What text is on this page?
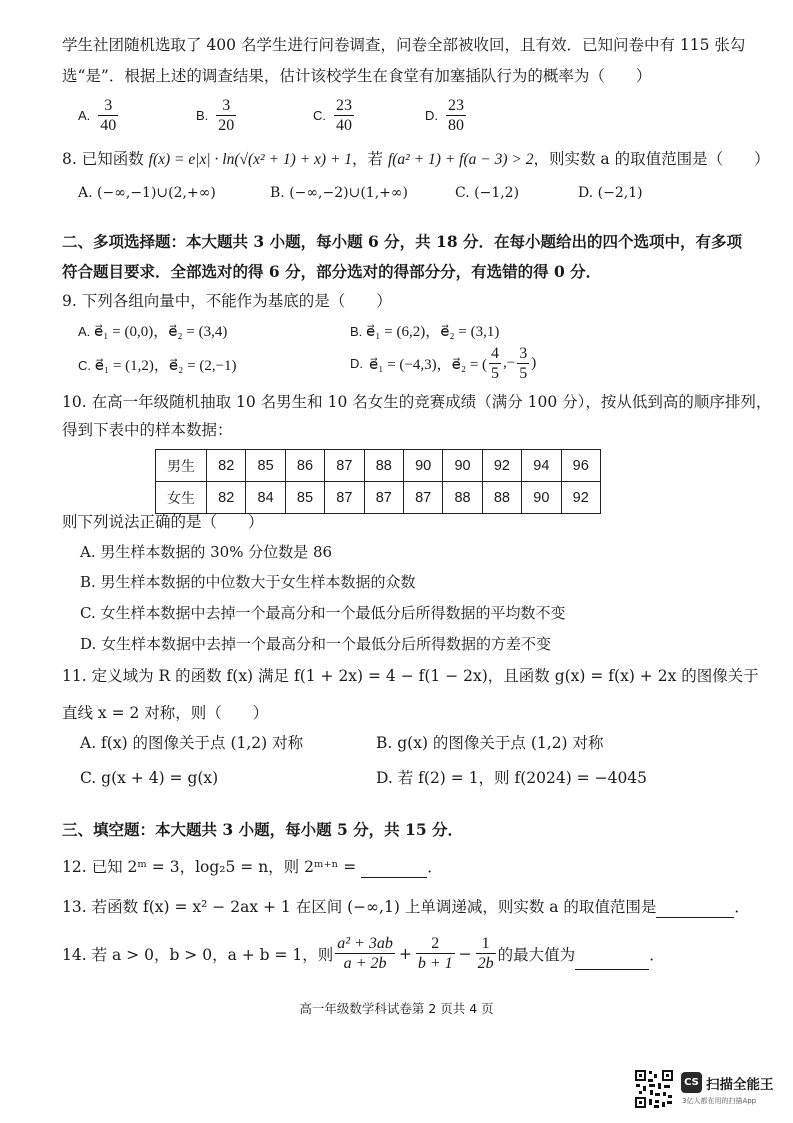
学生社团随机选取了 400 名学生进行问卷调查，问卷全部被收回，且有效．已知问卷中有 115 张勾
选“是”．根据上述的调查结果，估计该校学生在食堂有加塞插队行为的概率为（　　）
A. $\frac{3}{40}$	B. $\frac{3}{20}$	C. $\frac{23}{40}$	D. $\frac{23}{80}$
8. 已知函数 f(x) = e|x| · ln(√(x² + 1) + x) + 1，若 f(a² + 1) + f(a − 3) > 2，则实数 a 的取值范围是（　　）
A. (−∞,−1)∪(2,+∞)	B. (−∞,−2)∪(1,+∞)	C. (−1,2)	D. (−2,1)
二、多项选择题：本大题共 3 小题，每小题 6 分，共 18 分．在每小题给出的四个选项中，有多项
符合题目要求．全部选对的得 6 分，部分选对的得部分分，有选错的得 0 分．
9. 下列各组向量中，不能作为基底的是（　　）
A. e⃗₁ = (0,0)，e⃗₂ = (3,4)	B. e⃗₁ = (6,2)，e⃗₂ = (3,1)
C. e⃗₁ = (1,2)，e⃗₂ = (2,−1)	D. e⃗₁ = (−4,3)，e⃗₂ = ( $\frac{4}{5}$ ,− $\frac{3}{5}$ )
10. 在高一年级随机抽取 10 名男生和 10 名女生的竞赛成绩（满分 100 分），按从低到高的顺序排列，
得到下表中的样本数据：
男生	82	85	86	87	88	90	90	92	94	96
女生	82	84	85	87	87	87	88	88	90	92
则下列说法正确的是（　　）
A. 男生样本数据的 30% 分位数是 86
B. 男生样本数据的中位数大于女生样本数据的众数
C. 女生样本数据中去掉一个最高分和一个最低分后所得数据的平均数不变
D. 女生样本数据中去掉一个最高分和一个最低分后所得数据的方差不变
11. 定义域为 R 的函数 f(x) 满足 f(1 + 2x) = 4 − f(1 − 2x)，且函数 g(x) = f(x) + 2x 的图像关于
直线 x = 2 对称，则（　　）
A. f(x) 的图像关于点 (1,2) 对称	B. g(x) 的图像关于点 (1,2) 对称
C. g(x + 4) = g(x)	D. 若 f(2) = 1，则 f(2024) = −4045
三、填空题：本大题共 3 小题，每小题 5 分，共 15 分．
12. 已知 2ᵐ = 3，log₂5 = n，则 2ᵐ⁺ⁿ =	．
13. 若函数 f(x) = x² − 2ax + 1 在区间 (−∞,1) 上单调递减，则实数 a 的取值范围是	．
14. 若 a > 0，b > 0，a + b = 1，则 $\frac{\text{a² + 3ab}}{a + 2b} + \frac{2}{b + 1} - \frac{1}{2b}$ 的最大值为	．
高一年级数学科试卷第 2 页共 4 页
CS 扫描全能王
3亿人都在用的扫描App
